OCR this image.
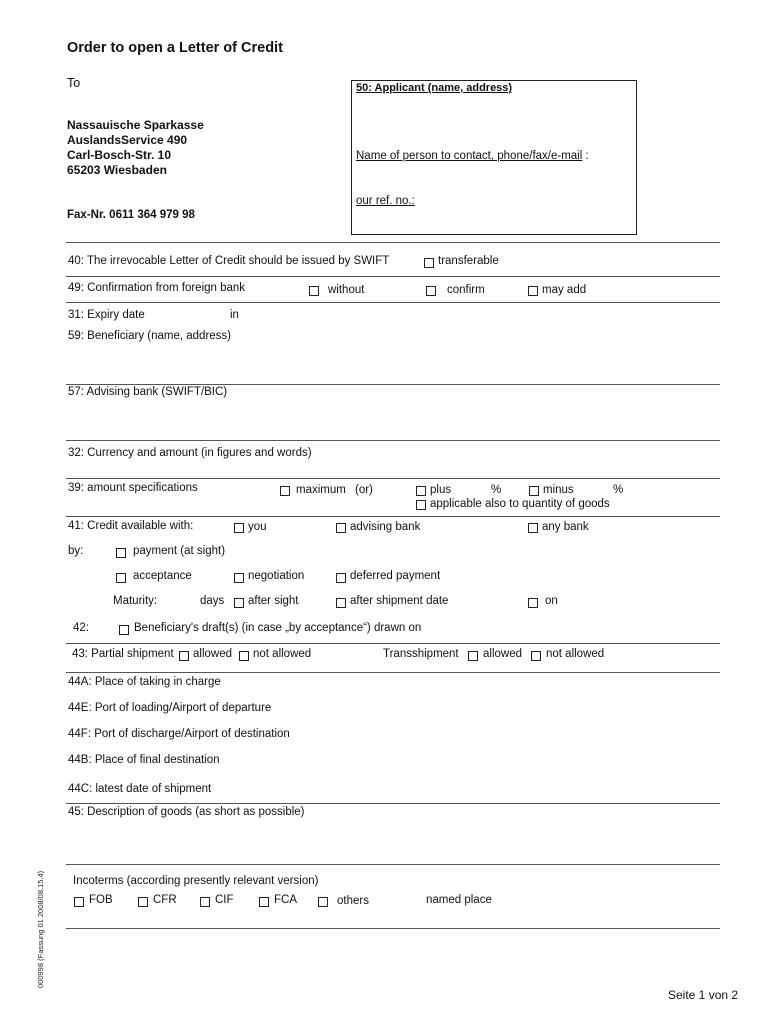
Order to open a Letter of Credit
To
Nassauische Sparkasse
AuslandsService 490
Carl-Bosch-Str. 10
65203 Wiesbaden
Fax-Nr. 0611 364 979 98
50: Applicant (name, address)
Name of person to contact, phone/fax/e-mail :
our ref. no.:
40: The irrevocable Letter of Credit should be issued by SWIFT	transferable
49: Confirmation from foreign bank	without	confirm	may add
31: Expiry date	in
59: Beneficiary (name, address)
57: Advising bank (SWIFT/BIC)
32: Currency and amount (in figures and words)
39: amount specifications	maximum (or)	plus	%	minus	%
applicable also to quantity of goods
41: Credit available with:	you	advising bank	any bank
by:	payment (at sight)
acceptance	negotiation	deferred payment
Maturity:	days after sight	after shipment date	on
42:	Beneficiary's draft(s) (in case „by acceptance“) drawn on
43: Partial shipment allowed not allowed	Transshipment allowed not allowed
44A: Place of taking in charge
44E: Port of loading/Airport of departure
44F: Port of discharge/Airport of destination
44B: Place of final destination
44C: latest date of shipment
45: Description of goods (as short as possible)
Incoterms (according presently relevant version)
FOB	CFR	CIF	FCA	others	named place
000998 (Fassung 01 2008/08.15.4)
Seite 1 von 2
